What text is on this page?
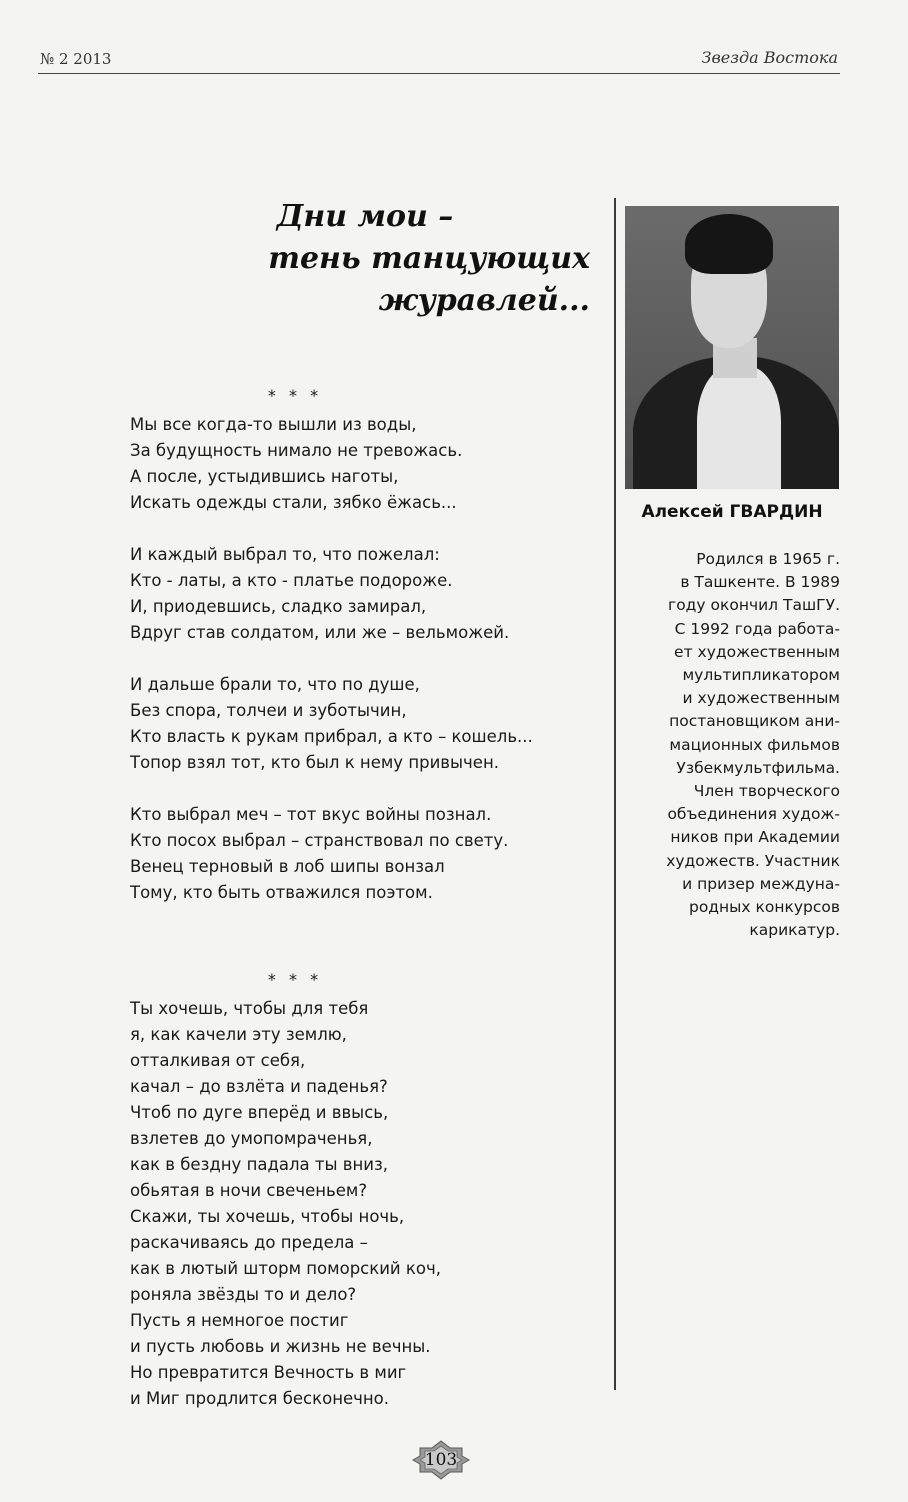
№ 2 2013	Звезда Востока
Дни мои –
тень танцующих журавлей...
* * *
Мы все когда-то вышли из воды,
За будущность нимало не тревожась.
А после, устыдившись наготы,
Искать одежды стали, зябко ёжась...
И каждый выбрал то, что пожелал:
Кто - латы, а кто - платье подороже.
И, приодевшись, сладко замирал,
Вдруг став солдатом, или же – вельможей.
И дальше брали то, что по душе,
Без спора, толчеи и зуботычин,
Кто власть к рукам прибрал, а кто – кошель...
Топор взял тот, кто был к нему привычен.
Кто выбрал меч – тот вкус войны познал.
Кто посох выбрал – странствовал по свету.
Венец терновый в лоб шипы вонзал
Тому, кто быть отважился поэтом.
* * *
Ты хочешь, чтобы для тебя
я, как качели эту землю,
отталкивая от себя,
качал – до взлёта и паденья?
Чтоб по дуге вперёд и ввысь,
взлетев до умопомраченья,
как в бездну падала ты вниз,
обьятая в ночи свеченьем?
Скажи, ты хочешь, чтобы ночь,
раскачиваясь до предела –
как в лютый шторм поморский коч,
роняла звёзды то и дело?
Пусть я немногое постиг
и пусть любовь и жизнь не вечны.
Но превратится Вечность в миг
и Миг продлится бесконечно.
Алексей ГВАРДИН
Родился в 1965 г.
в Ташкенте. В 1989
году окончил ТашГУ.
С 1992 года работа-
ет художественным
мультипликатором
и художественным
постановщиком ани-
мационных фильмов
Узбекмультфильма.
Член творческого
объединения худож-
ников при Академии
художеств. Участник
и призер междуна-
родных конкурсов
карикатур.
103
